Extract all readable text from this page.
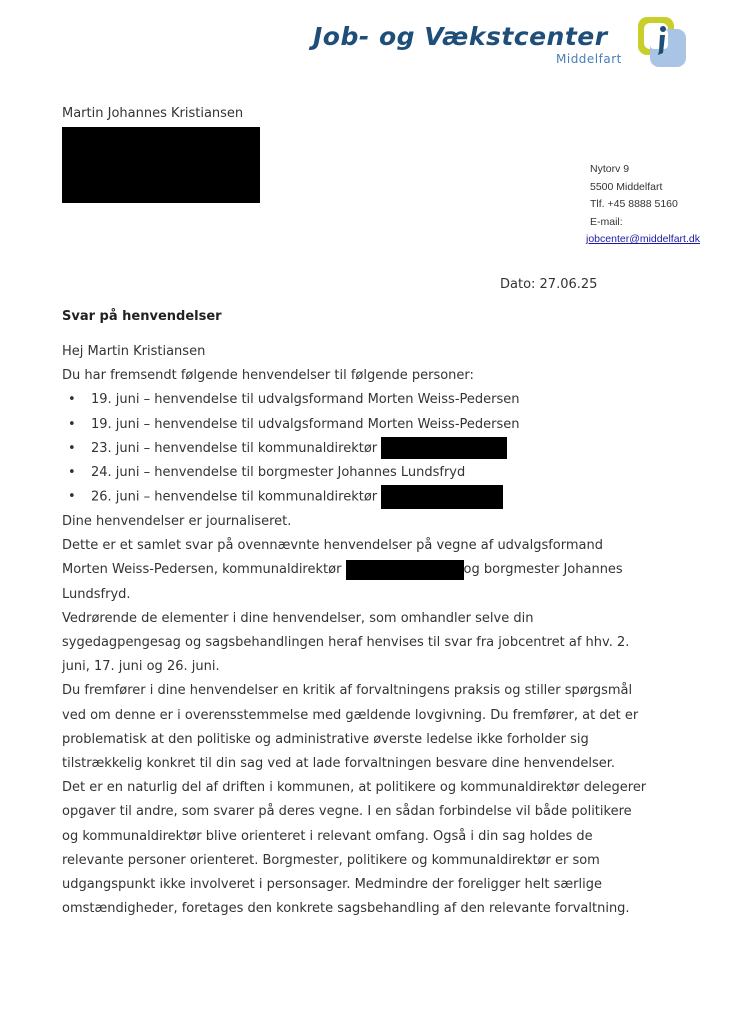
Job- og Vækstcenter
Middelfart
Martin Johannes Kristiansen
Nytorv 9
5500 Middelfart
Tlf. +45 8888 5160
E-mail:
jobcenter@middelfart.dk
Dato: 27.06.25
Svar på henvendelser

Hej Martin Kristiansen

Du har fremsendt følgende henvendelser til følgende personer:

• 19. juni – henvendelse til udvalgsformand Morten Weiss-Pedersen
• 19. juni – henvendelse til udvalgsformand Morten Weiss-Pedersen
• 23. juni – henvendelse til kommunaldirektør
• 24. juni – henvendelse til borgmester Johannes Lundsfryd
• 26. juni – henvendelse til kommunaldirektør

Dine henvendelser er journaliseret.

Dette er et samlet svar på ovennævnte henvendelser på vegne af udvalgsformand Morten Weiss-Pedersen, kommunaldirektør	og borgmester Johannes Lundsfryd.

Vedrørende de elementer i dine henvendelser, som omhandler selve din sygedagpengesag og sagsbehandlingen heraf henvises til svar fra jobcentret af hhv. 2. juni, 17. juni og 26. juni.

Du fremfører i dine henvendelser en kritik af forvaltningens praksis og stiller spørgsmål ved om denne er i overensstemmelse med gældende lovgivning. Du fremfører, at det er problematisk at den politiske og administrative øverste ledelse ikke forholder sig tilstrækkelig konkret til din sag ved at lade forvaltningen besvare dine henvendelser.

Det er en naturlig del af driften i kommunen, at politikere og kommunaldirektør delegerer opgaver til andre, som svarer på deres vegne. I en sådan forbindelse vil både politikere og kommunaldirektør blive orienteret i relevant omfang. Også i din sag holdes de relevante personer orienteret. Borgmester, politikere og kommunaldirektør er som udgangspunkt ikke involveret i personsager. Medmindre der foreligger helt særlige omstændigheder, foretages den konkrete sagsbehandling af den relevante forvaltning.
